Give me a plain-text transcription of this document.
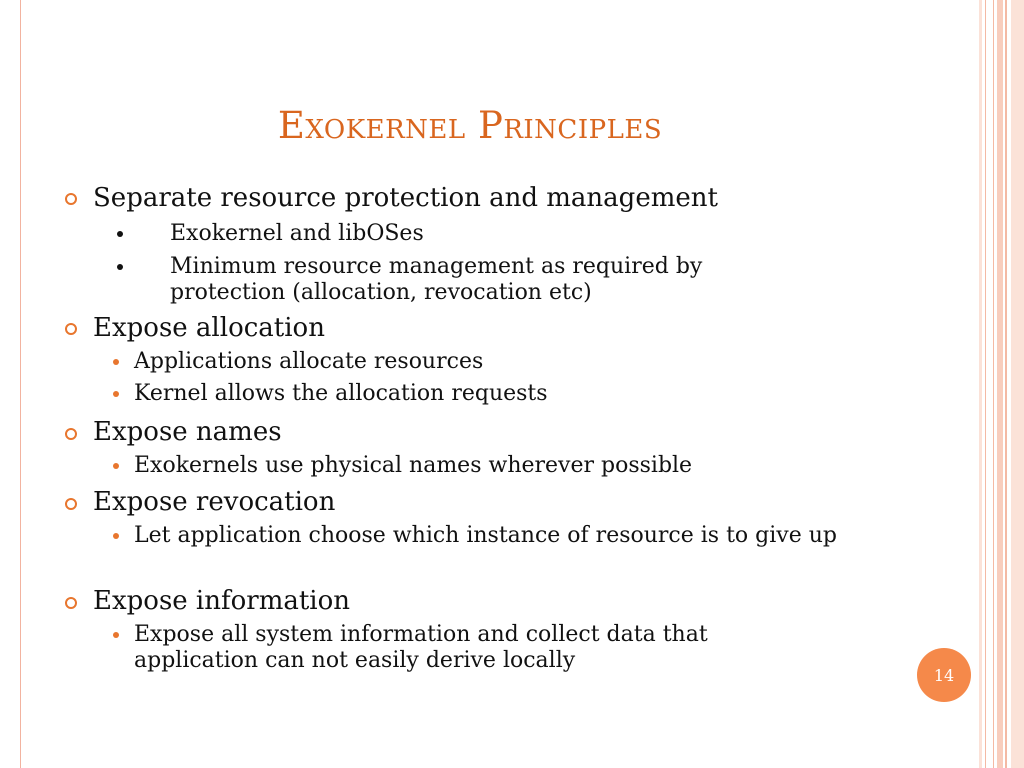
Exokernel Principles
Separate resource protection and management
Exokernel and libOSes
Minimum resource management as required by protection (allocation, revocation etc)
Expose allocation
Applications allocate resources
Kernel allows the allocation requests
Expose names
Exokernels use physical names wherever possible
Expose revocation
Let application choose which instance of resource is to give up
Expose information
Expose all system information and collect data that application can not easily derive locally
14
